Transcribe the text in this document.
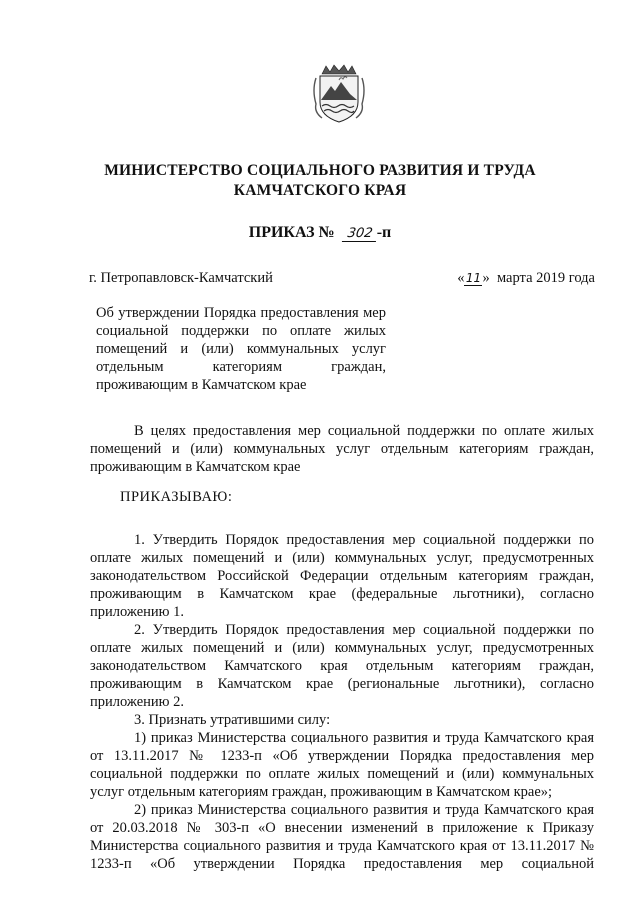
МИНИСТЕРСТВО СОЦИАЛЬНОГО РАЗВИТИЯ И ТРУДА
КАМЧАТСКОГО КРАЯ
ПРИКАЗ № 302 -п
г. Петропавловск-Камчатский	«11» марта 2019 года
Об утверждении Порядка предоставления мер социальной поддержки по оплате жилых помещений и (или) коммунальных услуг отдельным категориям граждан, проживающим в Камчатском крае
В целях предоставления мер социальной поддержки по оплате жилых помещений и (или) коммунальных услуг отдельным категориям граждан, проживающим в Камчатском крае
ПРИКАЗЫВАЮ:

1. Утвердить Порядок предоставления мер социальной поддержки по оплате жилых помещений и (или) коммунальных услуг, предусмотренных законодательством Российской Федерации отдельным категориям граждан, проживающим в Камчатском крае (федеральные льготники), согласно приложению 1.

2. Утвердить Порядок предоставления мер социальной поддержки по оплате жилых помещений и (или) коммунальных услуг, предусмотренных законодательством Камчатского края отдельным категориям граждан, проживающим в Камчатском крае (региональные льготники), согласно приложению 2.

3. Признать утратившими силу:

1) приказ Министерства социального развития и труда Камчатского края от 13.11.2017 № 1233-п «Об утверждении Порядка предоставления мер социальной поддержки по оплате жилых помещений и (или) коммунальных услуг отдельным категориям граждан, проживающим в Камчатском крае»;

2) приказ Министерства социального развития и труда Камчатского края от 20.03.2018 № 303-п «О внесении изменений в приложение к Приказу Министерства социального развития и труда Камчатского края от 13.11.2017 № 1233-п «Об утверждении Порядка предоставления мер социальной
